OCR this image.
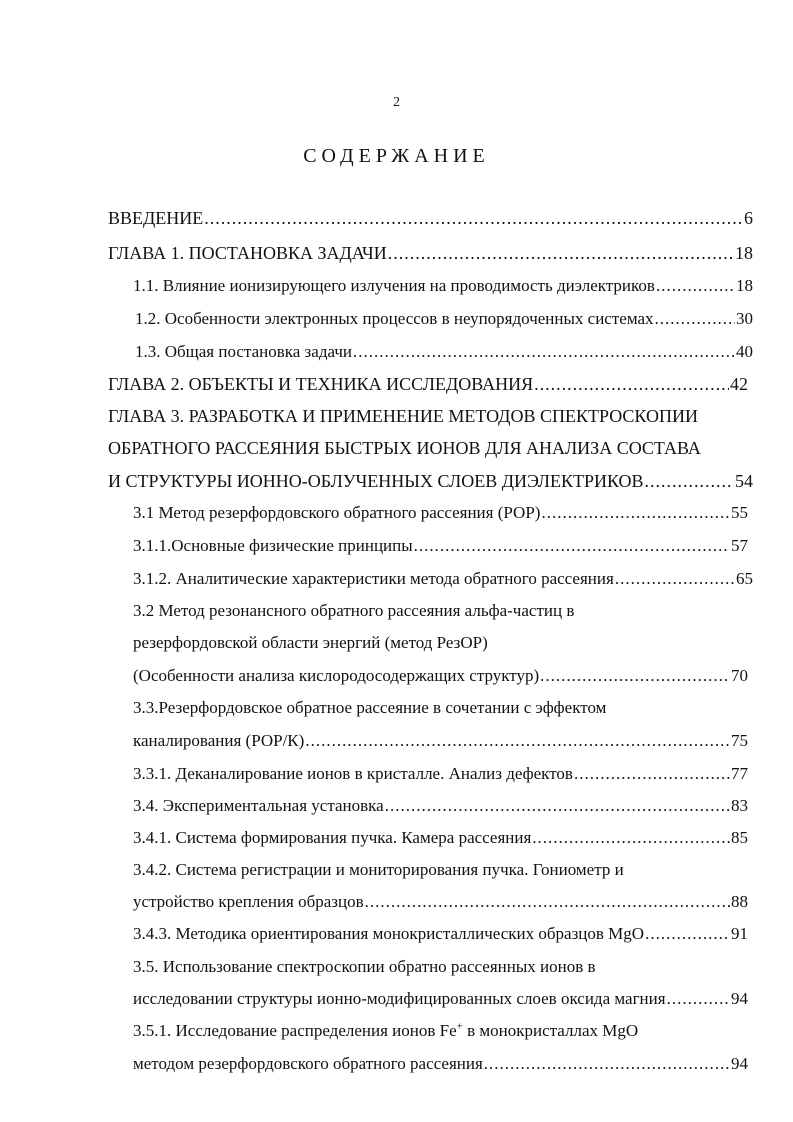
2
СОДЕРЖАНИЕ
ВВЕДЕНИЕ .....	6
ГЛАВА 1. ПОСТАНОВКА ЗАДАЧИ .....	18
1.1. Влияние ионизирующего излучения на проводимость диэлектриков .....	18
1.2. Особенности электронных процессов в неупорядоченных системах .....	30
1.3. Общая постановка задачи .....	40
ГЛАВА 2. ОБЪЕКТЫ И ТЕХНИКА ИССЛЕДОВАНИЯ .....	42
ГЛАВА 3. РАЗРАБОТКА И ПРИМЕНЕНИЕ МЕТОДОВ СПЕКТРОСКОПИИ
ОБРАТНОГО РАССЕЯНИЯ БЫСТРЫХ ИОНОВ ДЛЯ АНАЛИЗА СОСТАВА
И СТРУКТУРЫ ИОННО-ОБЛУЧЕННЫХ СЛОЕВ ДИЭЛЕКТРИКОВ .....	54
3.1 Метод резерфордовского обратного рассеяния (РОР) .....	55
3.1.1.Основные физические принципы .....	57
3.1.2. Аналитические характеристики метода обратного рассеяния .....	65
3.2 Метод резонансного обратного рассеяния альфа-частиц в
резерфордовской области энергий (метод РезОР)
(Особенности анализа кислородосодержащих структур) .....	70
3.3.Резерфордовское обратное рассеяние в сочетании с эффектом
каналирования (РОР/К) .....	75
3.3.1. Деканалирование ионов в кристалле. Анализ дефектов .....	77
3.4. Экспериментальная установка .....	83
3.4.1. Система формирования пучка. Камера рассеяния .....	85
3.4.2. Система регистрации и мониторирования пучка. Гониометр и
устройство крепления образцов .....	88
3.4.3. Методика ориентирования монокристаллических образцов MgO .....	91
3.5. Использование спектроскопии обратно рассеянных ионов в
исследовании структуры ионно-модифицированных слоев оксида магния .....	94
3.5.1. Исследование распределения ионов Fe+ в монокристаллах MgO
методом резерфордовского обратного рассеяния .....	94
